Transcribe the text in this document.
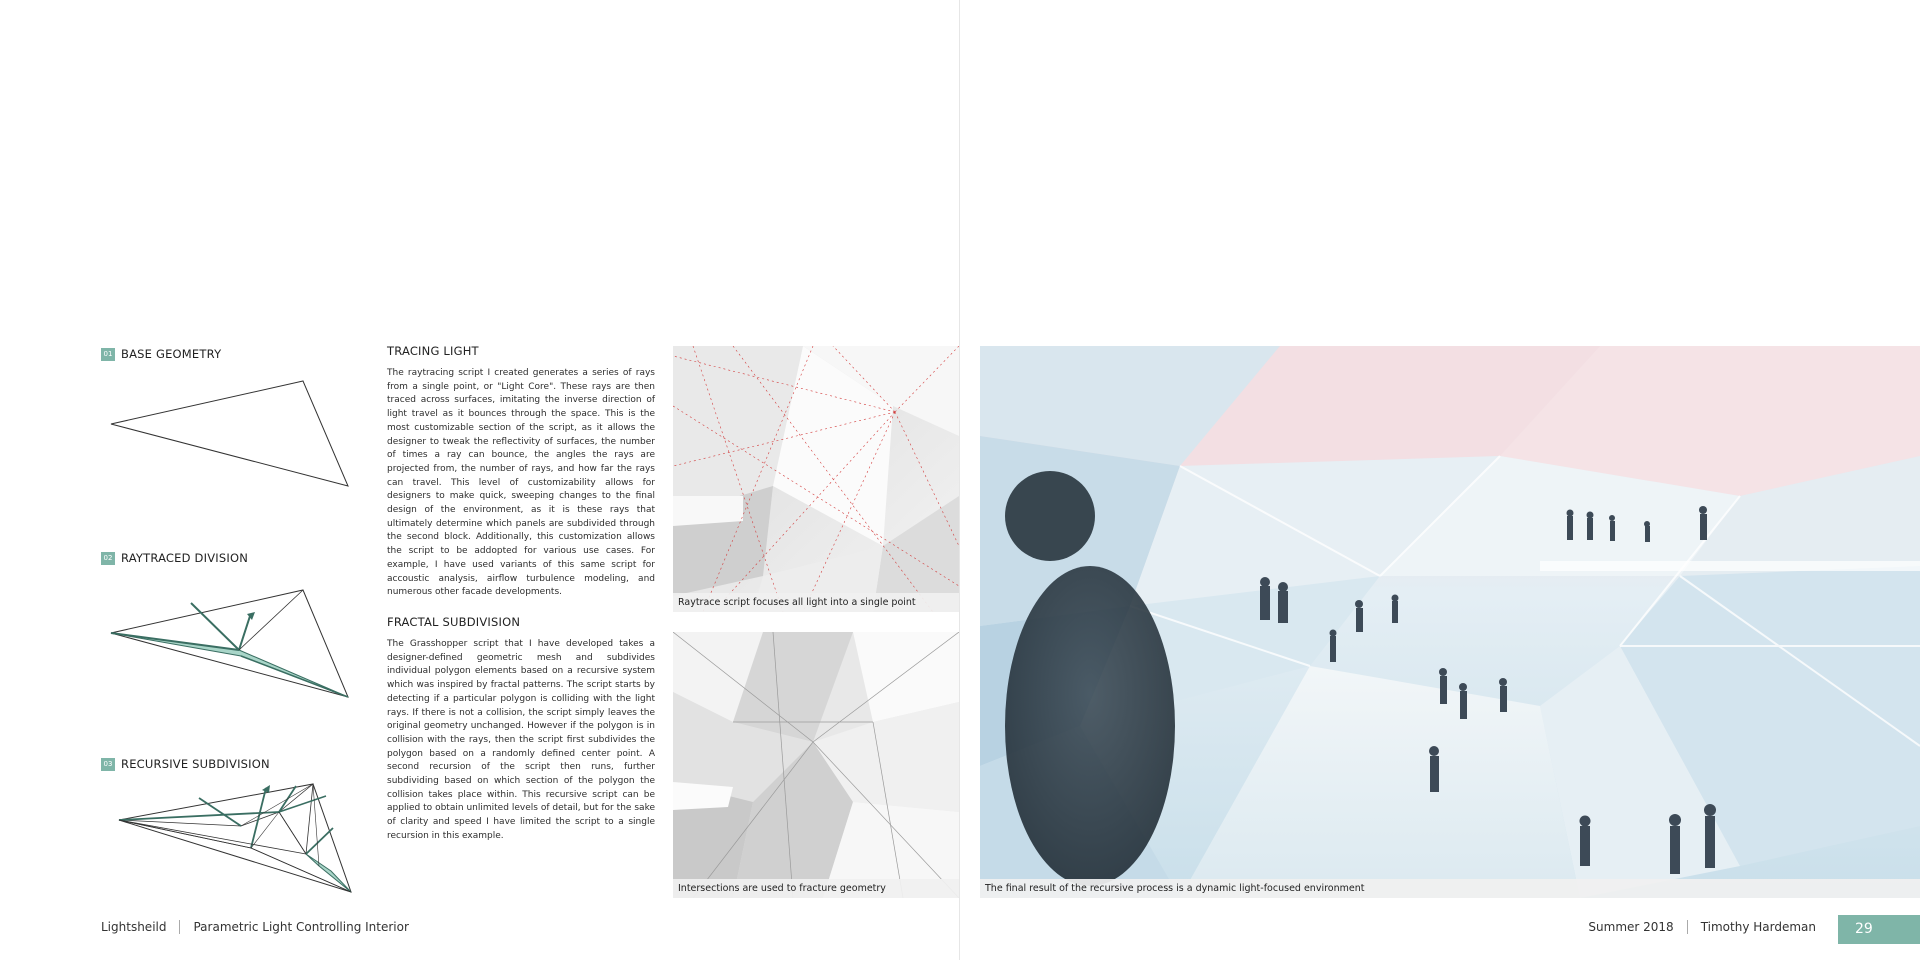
01 BASE GEOMETRY
02 RAYTRACED DIVISION
03 RECURSIVE SUBDIVISION
TRACING LIGHT

The raytracing script I created generates a series of rays from a single point, or "Light Core". These rays are then traced across surfaces, imitating the inverse direction of light travel as it bounces through the space. This is the most customizable section of the script, as it allows the designer to tweak the reflectivity of surfaces, the number of times a ray can bounce, the angles the rays are projected from, the number of rays, and how far the rays can travel. This level of customizability allows for designers to make quick, sweeping changes to the final design of the environment, as it is these rays that ultimately determine which panels are subdivided through the second block. Additionally, this customization allows the script to be addopted for various use cases. For example, I have used variants of this same script for accoustic analysis, airflow turbulence modeling, and numerous other facade developments.

FRACTAL SUBDIVISION

The Grasshopper script that I have developed takes a designer-defined geometric mesh and subdivides individual polygon elements based on a recursive system which was inspired by fractal patterns. The script starts by detecting if a particular polygon is colliding with the light rays. If there is not a collision, the script simply leaves the original geometry unchanged. However if the polygon is in collision with the rays, then the script first subdivides the polygon based on a randomly defined center point. A second recursion of the script then runs, further subdividing based on which section of the polygon the collision takes place within. This recursive script can be applied to obtain unlimited levels of detail, but for the sake of clarity and speed I have limited the script to a single recursion in this example.

Raytrace script focuses all light into a single point
Intersections are used to fracture geometry	The final result of the recursive process is a dynamic light-focused environment
Lightsheild Parametric Light Controlling Interior	Summer 2018 Timothy Hardeman	29
